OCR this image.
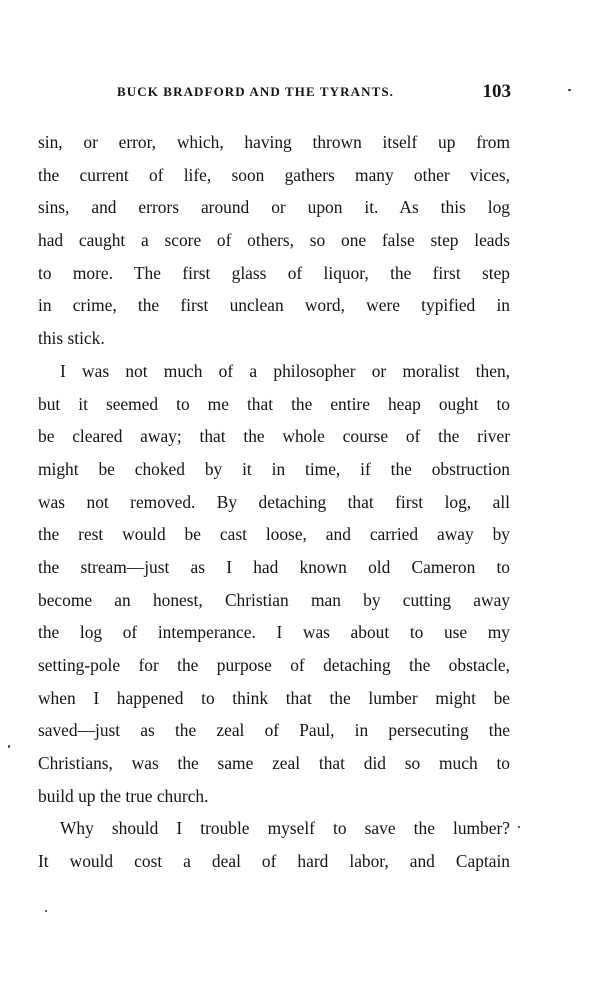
BUCK BRADFORD AND THE TYRANTS.	103
sin, or error, which, having thrown itself up from
the current of life, soon gathers many other vices,
sins, and errors around or upon it. As this log
had caught a score of others, so one false step leads
to more. The first glass of liquor, the first step
in crime, the first unclean word, were typified in
this stick.
I was not much of a philosopher or moralist then,
but it seemed to me that the entire heap ought to
be cleared away; that the whole course of the river
might be choked by it in time, if the obstruction
was not removed. By detaching that first log, all
the rest would be cast loose, and carried away by
the stream—just as I had known old Cameron to
become an honest, Christian man by cutting away
the log of intemperance. I was about to use my
setting-pole for the purpose of detaching the obstacle,
when I happened to think that the lumber might be
saved—just as the zeal of Paul, in persecuting the
Christians, was the same zeal that did so much to
build up the true church.
Why should I trouble myself to save the lumber?
It would cost a deal of hard labor, and Captain
